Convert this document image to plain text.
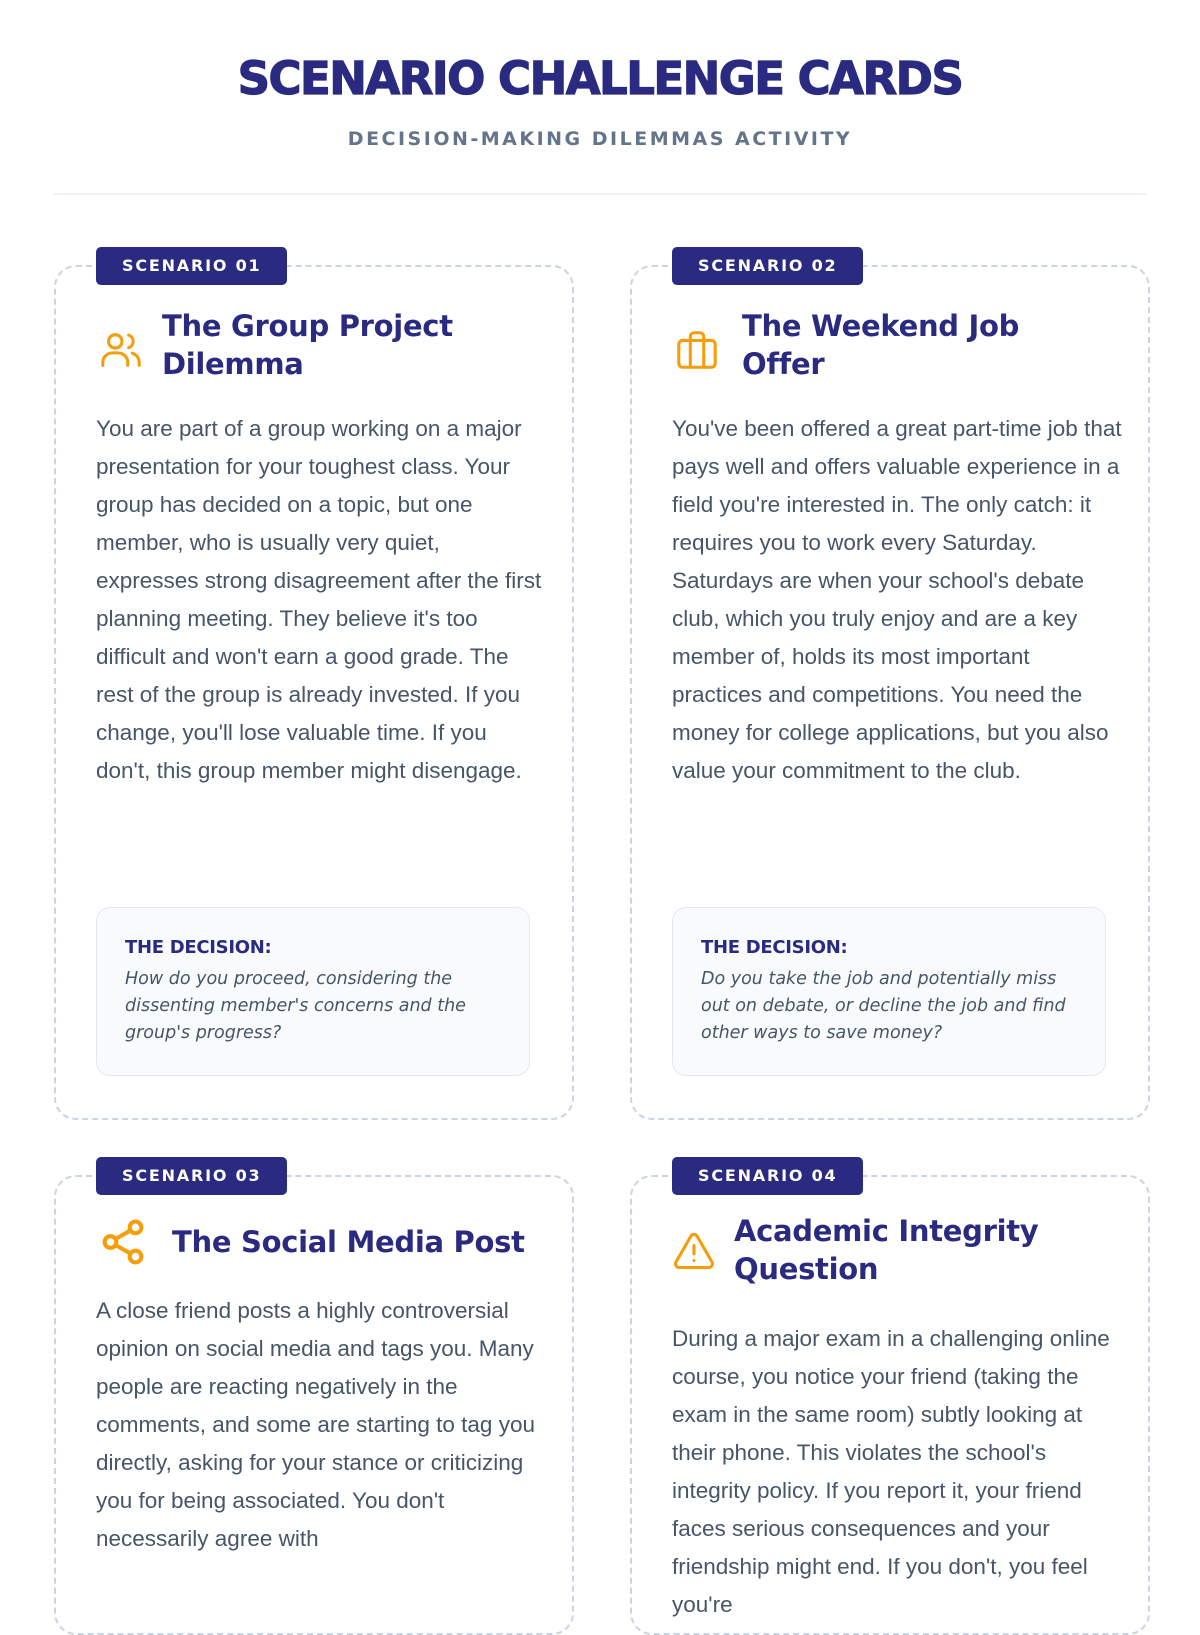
SCENARIO CHALLENGE CARDS
DECISION-MAKING DILEMMAS ACTIVITY
SCENARIO 01
The Group Project Dilemma
You are part of a group working on a major presentation for your toughest class. Your group has decided on a topic, but one member, who is usually very quiet, expresses strong disagreement after the first planning meeting. They believe it's too difficult and won't earn a good grade. The rest of the group is already invested. If you change, you'll lose valuable time. If you don't, this group member might disengage.
THE DECISION:
How do you proceed, considering the dissenting member's concerns and the group's progress?
SCENARIO 02
The Weekend Job Offer
You've been offered a great part-time job that pays well and offers valuable experience in a field you're interested in. The only catch: it requires you to work every Saturday. Saturdays are when your school's debate club, which you truly enjoy and are a key member of, holds its most important practices and competitions. You need the money for college applications, but you also value your commitment to the club.
THE DECISION:
Do you take the job and potentially miss out on debate, or decline the job and find other ways to save money?
SCENARIO 03
The Social Media Post
A close friend posts a highly controversial opinion on social media and tags you. Many people are reacting negatively in the comments, and some are starting to tag you directly, asking for your stance or criticizing you for being associated. You don't necessarily agree with
SCENARIO 04
Academic Integrity Question
During a major exam in a challenging online course, you notice your friend (taking the exam in the same room) subtly looking at their phone. This violates the school's integrity policy. If you report it, your friend faces serious consequences and your friendship might end. If you don't, you feel you're
